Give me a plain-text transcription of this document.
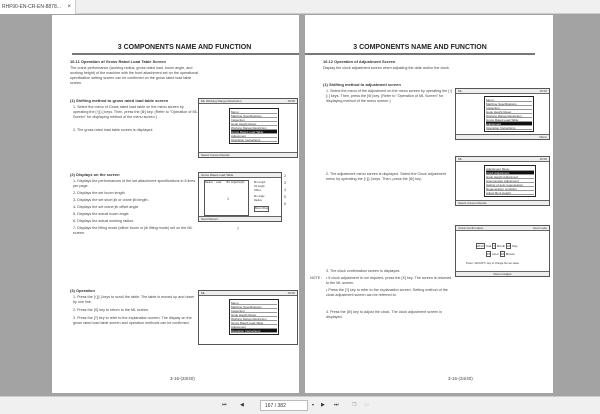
RHF90-EN-CR-EN-8878... ×
3 COMPONENTS NAME AND FUNCTION
16.11 Operation of Gross Rated Load Table Screen
The crane performance (working radius, gross rated load, boom angle, and working height) of the machine with the front attachment set on the operational specification setting screen can be confirmed on the gross rated load table screen.
(1) Shifting method to gross rated load table screen
1. Select the menu of Gross rated load table on the menu screen by operating the [↑][↓] keys. Then, press the [⚙] key. (Refer to "Operation of ML Screen" for displaying method of the menu screen.)
2. The gross rated load table screen is displayed.
(2) Displays on the screen
1- Displays the performances of the set attachment specifications in 8 lines per page.
2- Displays the set boom length.
3- Displays the set short jib or crane jib length.
4- Displays the set crane jib offset angle.
5- Displays the actual boom angle.
6- Displays the actual working radius.
7- Displays the lifting mode (either boom or jib lifting mode) set on the ML screen.
(3) Operation
1. Press the [↑][↓] keys to scroll the table. The table is moved up and down by one line.
2. Press the [X] key to return to the ML screen.
3. Press the [?] key to refer to the explanation screen. The display on the gross rated load table screen and operation methods can be confirmed.
ML Working Range Restriction	15:00
Menu
Machine Specifications
Inspection
Hook Height Reset
Working Range Restriction
Gross Rated Load Table
Adjustment
Operation Instructions
Select Cancel Decide
Gross Rated Load Table
Radius	Load	Bm angle Height	Bm length
Jib length
Offset
Bm angle
Radius
Boom lifting
Scroll Return
2
3
4
5
6
1
7
ML	15:00
Menu
Machine Specifications
Inspection
Hook Height Reset
Working Range Restriction
Gross Rated Load Table
Adjustment
Operation Instructions
3-16-(33/40)
3 COMPONENTS NAME AND FUNCTION
16.12 Operation of Adjustment Screen
Display the clock adjustment screen when adjusting the date and/or the clock.
(1) Shifting method to adjustment screen
1. Select the menu of the Adjustment on the menu screen by operating the [↑][↓] keys. Then, press the [⚙] key. (Refer to "Operation of ML Screen" for displaying method of the menu screen.)
2. The adjustment menu screen is displayed. Select the Clock adjustment menu by operating the [↑][↓] keys. Then, press the [⚙] key.
3. The clock confirmation screen is displayed.
NOTE : • If clock adjustment is not required, press the [X] key. The screen is returned to the ML screen.
• Press the [?] key to refer to the explanation screen. Setting method of the clock adjustment screen can be referred to.
4. Press the [⚙] key to adjust the clock. The clock adjustment screen is displayed.
ML	15:00
Menu
Machine Specifications
Inspection
Hook Height Reset
Working Range Restriction
Gross Rated Load Table
Adjustment
Operation Instructions
Menu
ML	15:00
Adjustment Menu
Clock Adjustment
Hook Height Adjustment
Anemometer Adjustment
Setting of auto regeneration
Regeneration condition
Adjust Bent Height
Select Cancel Decide
Clock Confirmation	Isuit mode
2013 Year 7 Month 20 Day
15 Hour 30 Minute
Press <ADJUST> key to change the set value.
Return Adjust
3-16-(34/40)
⏮	◀	167 / 382	▾ ▶ ⏭	❐ ▭
